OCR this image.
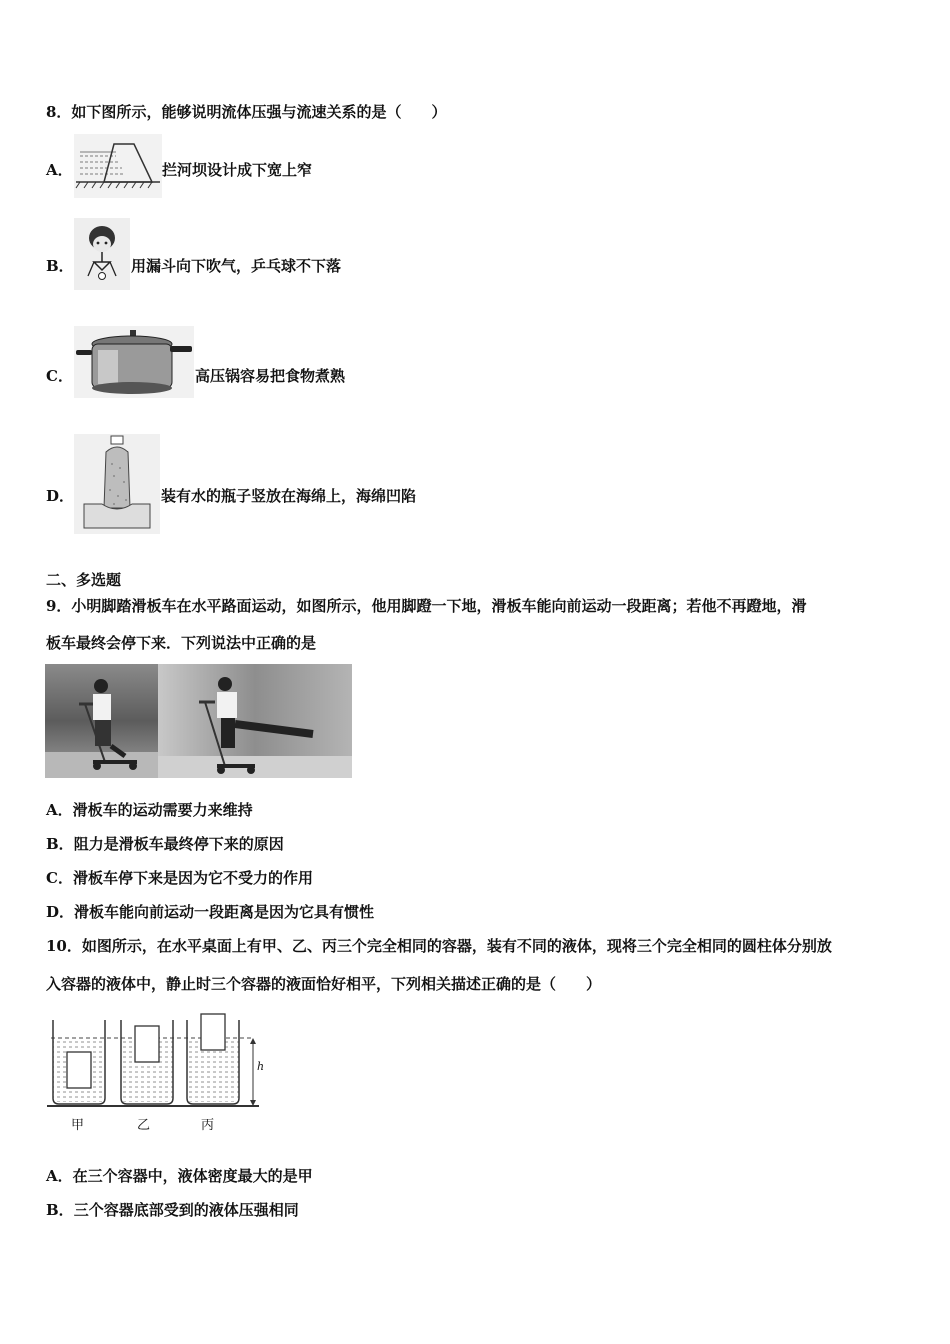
8．如下图所示，能够说明流体压强与流速关系的是（　　）
A．	拦河坝设计成下宽上窄
B．	用漏斗向下吹气，乒乓球不下落
C．	高压锅容易把食物煮熟
D．	装有水的瓶子竖放在海绵上，海绵凹陷
二、多选题
9．小明脚踏滑板车在水平路面运动，如图所示，他用脚蹬一下地，滑板车能向前运动一段距离；若他不再蹬地，滑
板车最终会停下来．下列说法中正确的是
A．滑板车的运动需要力来维持
B．阻力是滑板车最终停下来的原因
C．滑板车停下来是因为它不受力的作用
D．滑板车能向前运动一段距离是因为它具有惯性
10．如图所示，在水平桌面上有甲、乙、丙三个完全相同的容器，装有不同的液体，现将三个完全相同的圆柱体分别放
入容器的液体中，静止时三个容器的液面恰好相平，下列相关描述正确的是（　　）
h
甲	乙	丙
A．在三个容器中，液体密度最大的是甲
B．三个容器底部受到的液体压强相同
